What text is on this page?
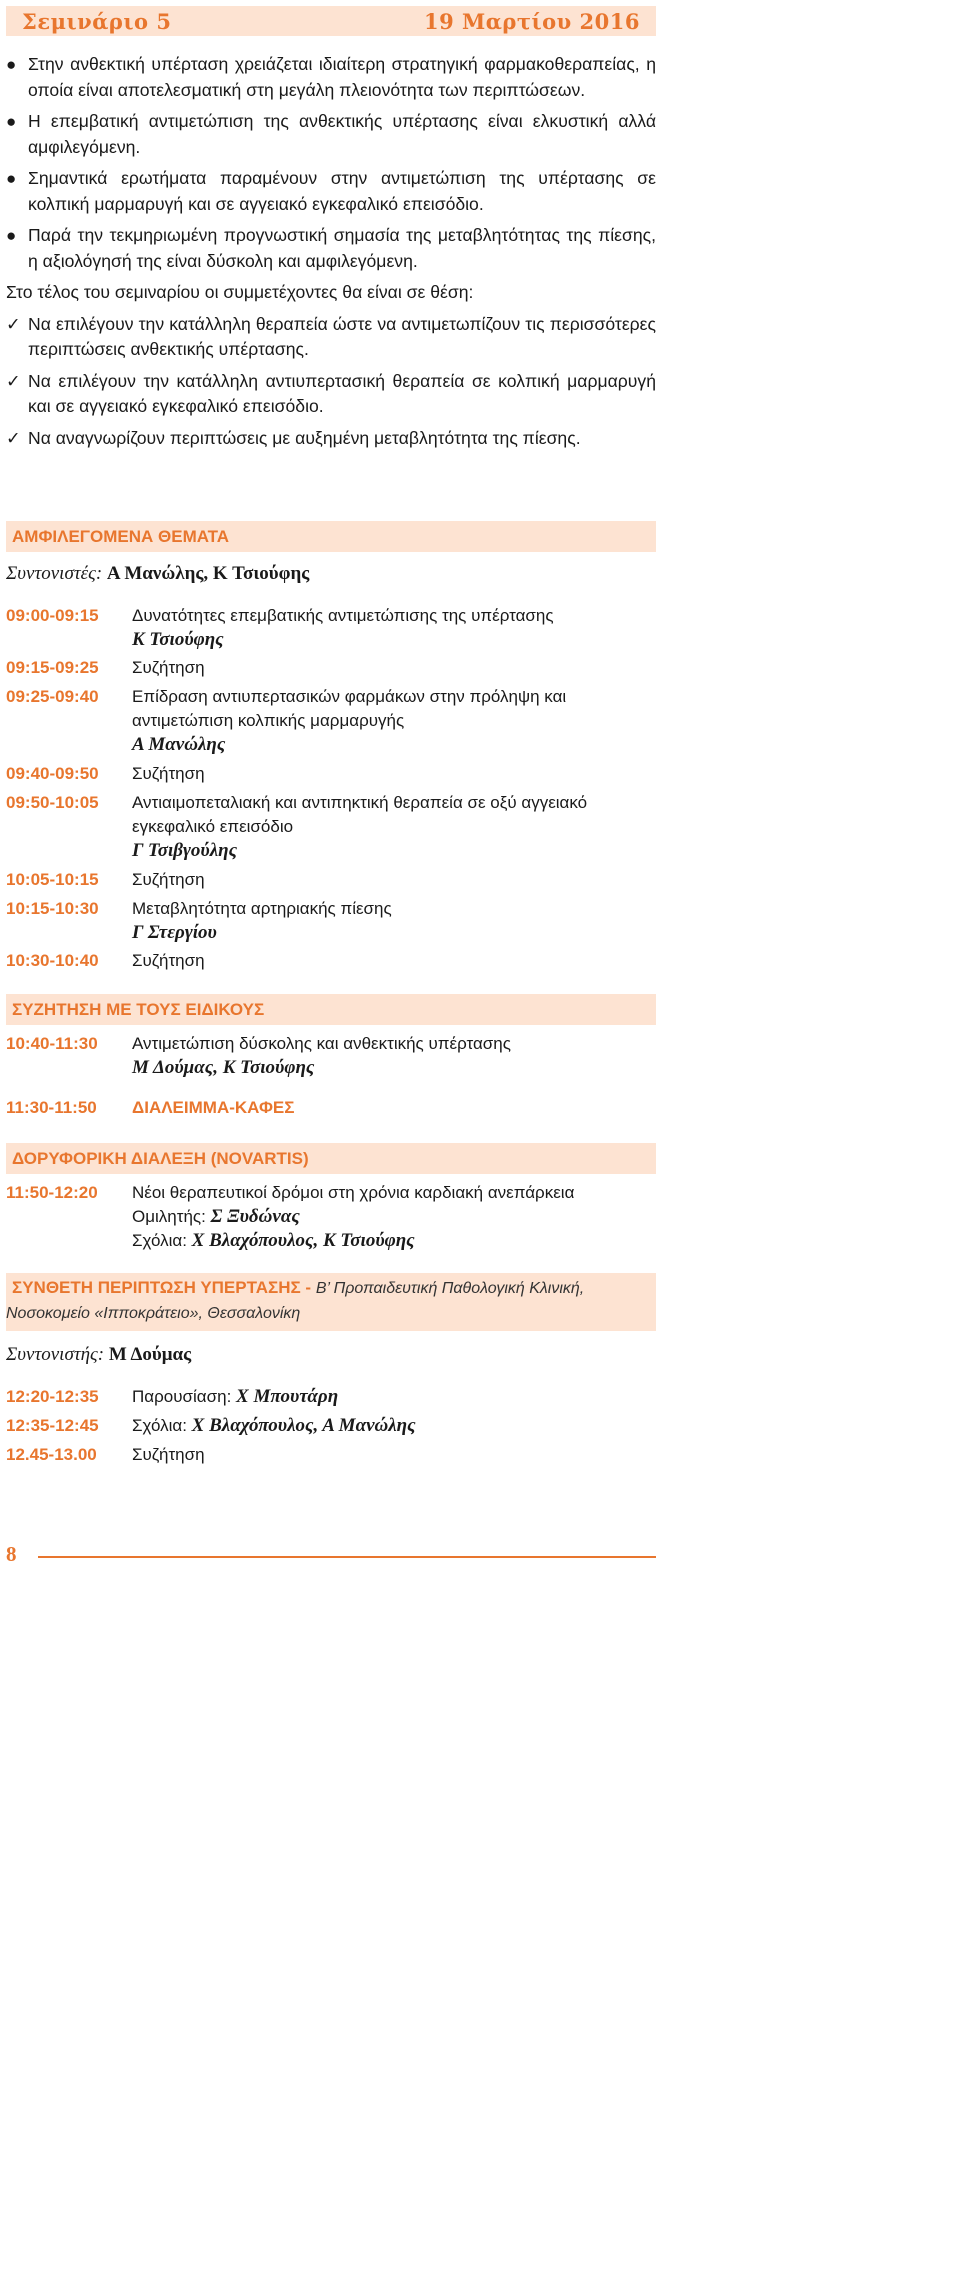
Σεμινάριο 5	19 Μαρτίου 2016
● Στην ανθεκτική υπέρταση χρειάζεται ιδιαίτερη στρατηγική φαρμακοθεραπείας, η οποία είναι αποτελεσματική στη μεγάλη πλειονότητα των περιπτώσεων.
● Η επεμβατική αντιμετώπιση της ανθεκτικής υπέρτασης είναι ελκυστική αλλά αμφιλεγόμενη.
● Σημαντικά ερωτήματα παραμένουν στην αντιμετώπιση της υπέρτασης σε κολπική μαρμαρυγή και σε αγγειακό εγκεφαλικό επεισόδιο.
● Παρά την τεκμηριωμένη προγνωστική σημασία της μεταβλητότητας της πίεσης, η αξιολόγησή της είναι δύσκολη και αμφιλεγόμενη.
Στο τέλος του σεμιναρίου οι συμμετέχοντες θα είναι σε θέση:
✓ Να επιλέγουν την κατάλληλη θεραπεία ώστε να αντιμετωπίζουν τις περισσότερες περιπτώσεις ανθεκτικής υπέρτασης.
✓ Να επιλέγουν την κατάλληλη αντιυπερτασική θεραπεία σε κολπική μαρμαρυγή και σε αγγειακό εγκεφαλικό επεισόδιο.
✓ Να αναγνωρίζουν περιπτώσεις με αυξημένη μεταβλητότητα της πίεσης.
ΑΜΦΙΛΕΓΟΜΕΝΑ ΘΕΜΑΤΑ
Συντονιστές: Α Μανώλης, Κ Τσιούφης
09:00-09:15	Δυνατότητες επεμβατικής αντιμετώπισης της υπέρτασης
Κ Τσιούφης
09:15-09:25	Συζήτηση
09:25-09:40	Επίδραση αντιυπερτασικών φαρμάκων στην πρόληψη και αντιμετώπιση κολπικής μαρμαρυγής
Α Μανώλης
09:40-09:50	Συζήτηση
09:50-10:05	Αντιαιμοπεταλιακή και αντιπηκτική θεραπεία σε οξύ αγγειακό εγκεφαλικό επεισόδιο
Γ Τσιβγούλης
10:05-10:15	Συζήτηση
10:15-10:30	Μεταβλητότητα αρτηριακής πίεσης
Γ Στεργίου
10:30-10:40	Συζήτηση
ΣΥΖΗΤΗΣΗ ΜΕ ΤΟΥΣ ΕΙΔΙΚΟΥΣ
10:40-11:30	Αντιμετώπιση δύσκολης και ανθεκτικής υπέρτασης
Μ Δούμας, Κ Τσιούφης
11:30-11:50	ΔΙΑΛΕΙΜΜΑ-ΚΑΦΕΣ
ΔΟΡΥΦΟΡΙΚΗ ΔΙΑΛΕΞΗ (NOVARTIS)
11:50-12:20	Νέοι θεραπευτικοί δρόμοι στη χρόνια καρδιακή ανεπάρκεια
Ομιλητής: Σ Ξυδώνας
Σχόλια: Χ Βλαχόπουλος, Κ Τσιούφης
ΣΥΝΘΕΤΗ ΠΕΡΙΠΤΩΣΗ ΥΠΕΡΤΑΣΗΣ - Β’ Προπαιδευτική Παθολογική Κλινική, Νοσοκομείο «Ιπποκράτειο», Θεσσαλονίκη
Συντονιστής: Μ Δούμας
12:20-12:35	Παρουσίαση: Χ Μπουτάρη
12:35-12:45	Σχόλια: Χ Βλαχόπουλος, Α Μανώλης
12.45-13.00	Συζήτηση
8
